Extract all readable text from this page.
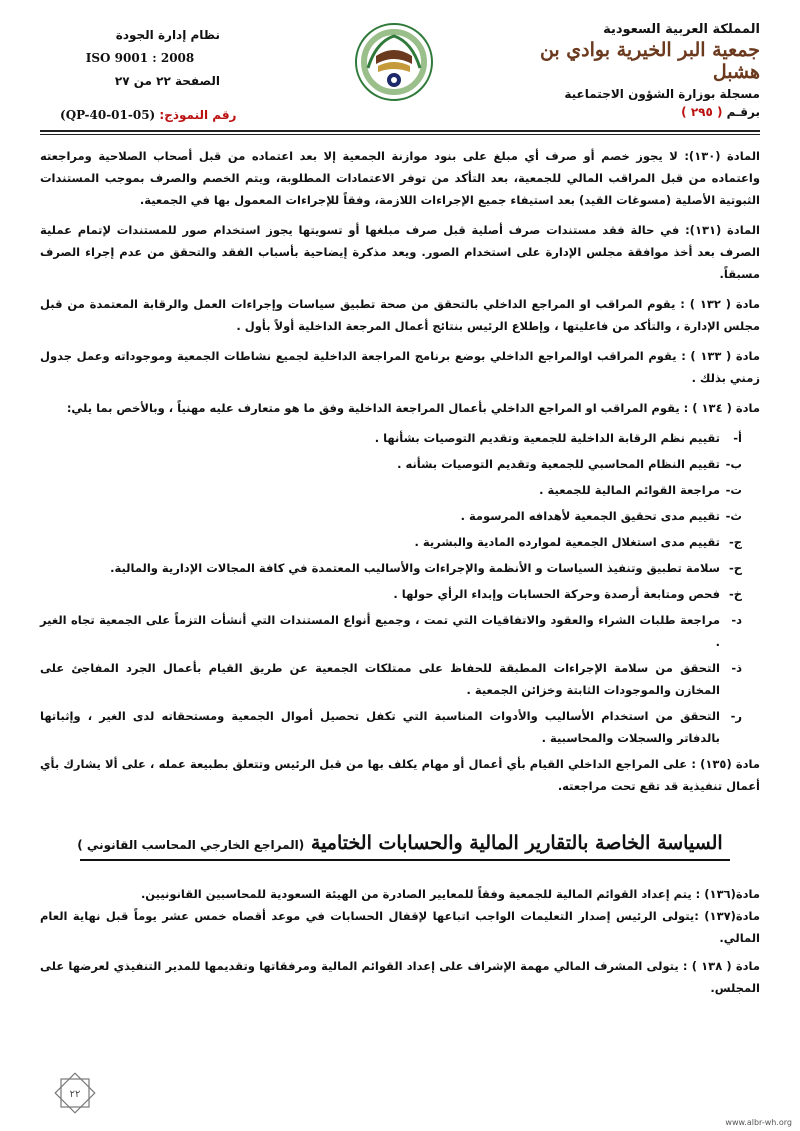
المملكة العربية السعودية
جمعية البر الخيرية بوادي بن هشبل
مسجلة بوزارة الشؤون الاجتماعية
برقـم ( ٢٩٥ )
نظام إدارة الجودة
ISO 9001 : 2008
الصفحة ٢٢ من ٢٧
رقم النموذج: (QP-40-01-05)

المادة (١٣٠): لا يجوز خصم أو صرف أي مبلغ على بنود موازنة الجمعية إلا بعد اعتماده من قبل أصحاب الصلاحية ومراجعته واعتماده من قبل المراقب المالي للجمعية، بعد التأكد من توفر الاعتمادات المطلوبة، ويتم الخصم والصرف بموجب المستندات الثبوتية الأصلية (مسوغات القيد) بعد استيفاء جميع الإجراءات اللازمة، وفقاً للإجراءات المعمول بها في الجمعية.

المادة (١٣١): في حالة فقد مستندات صرف أصلية قبل صرف مبلغها أو تسويتها يجوز استخدام صور للمستندات لإتمام عملية الصرف بعد أخذ موافقة مجلس الإدارة على استخدام الصور. ويعد مذكرة إيضاحية بأسباب الفقد والتحقق من عدم إجراء الصرف مسبقاً.

مادة ( ١٣٢ ) : يقوم المراقب او المراجع الداخلي بالتحقق من صحة تطبيق سياسات وإجراءات العمل والرقابة المعتمدة من قبل مجلس الإدارة ، والتأكد من فاعليتها ، وإطلاع الرئيس بنتائج أعمال المرجعة الداخلية أولاً بأول .

مادة ( ١٣٣ ) : يقوم المراقب اوالمراجع الداخلي بوضع برنامج المراجعة الداخلية لجميع نشاطات الجمعية وموجوداته وعمل جدول زمني بذلك .

مادة ( ١٣٤ ) : يقوم المراقب او المراجع الداخلي بأعمال المراجعة الداخلية وفق ما هو متعارف عليه مهنياً ، وبالأخص بما يلي:

أ-
تقييم نظم الرقابة الداخلية للجمعية وتقديم التوصيات بشأنها .
ب-
تقييم النظام المحاسبي للجمعية وتقديم التوصيات بشأنه .
ت-
مراجعة القوائم المالية للجمعية .
ث-
تقييم مدى تحقيق الجمعية لأهدافه المرسومة .
ج-
تقييم مدى استغلال الجمعية لموارده المادية والبشرية .
ح-
سلامة تطبيق وتنفيذ السياسات و الأنظمة والإجراءات والأساليب المعتمدة في كافة المجالات الإدارية والمالية.
خ-
فحص ومتابعة أرصدة وحركة الحسابات وإبداء الرأي حولها .
د-
مراجعة طلبات الشراء والعقود والاتفاقيات التي تمت ، وجميع أنواع المستندات التي أنشأت التزماً على الجمعية تجاه الغير .
ذ-
التحقق من سلامة الإجراءات المطبقة للحفاظ على ممتلكات الجمعية عن طريق القيام بأعمال الجرد المفاجئ على المخازن والموجودات الثابتة وخزائن الجمعية .
ر-
التحقق من استخدام الأساليب والأدوات المناسبة التي تكفل تحصيل أموال الجمعية ومستحقاته لدى الغير ، وإثباتها بالدفاتر والسجلات والمحاسبية .

مادة (١٣٥) : على المراجع الداخلي القيام بأي أعمال أو مهام يكلف بها من قبل الرئيس وتتعلق بطبيعة عمله ، على ألا يشارك بأي أعمال تنفيذية قد تقع تحت مراجعته.

السياسة الخاصة بالتقارير المالية والحسابات الختامية (المراجع الخارجي المحاسب القانوني )

مادة(١٣٦) : يتم إعداد القوائم المالية للجمعية وفقاً للمعايير الصادرة من الهيئة السعودية للمحاسبين القانونيين.

مادة(١٣٧) :يتولى الرئيس إصدار التعليمات الواجب اتباعها لإقفال الحسابات في موعد أقصاه خمس عشر يوماً قبل نهاية العام المالي.

مادة ( ١٣٨ ) : يتولى المشرف المالي مهمة الإشراف على إعداد القوائم المالية ومرفقاتها وتقديمها للمدير التنفيذي لعرضها على المجلس.

٢٢
www.albr-wh.org
